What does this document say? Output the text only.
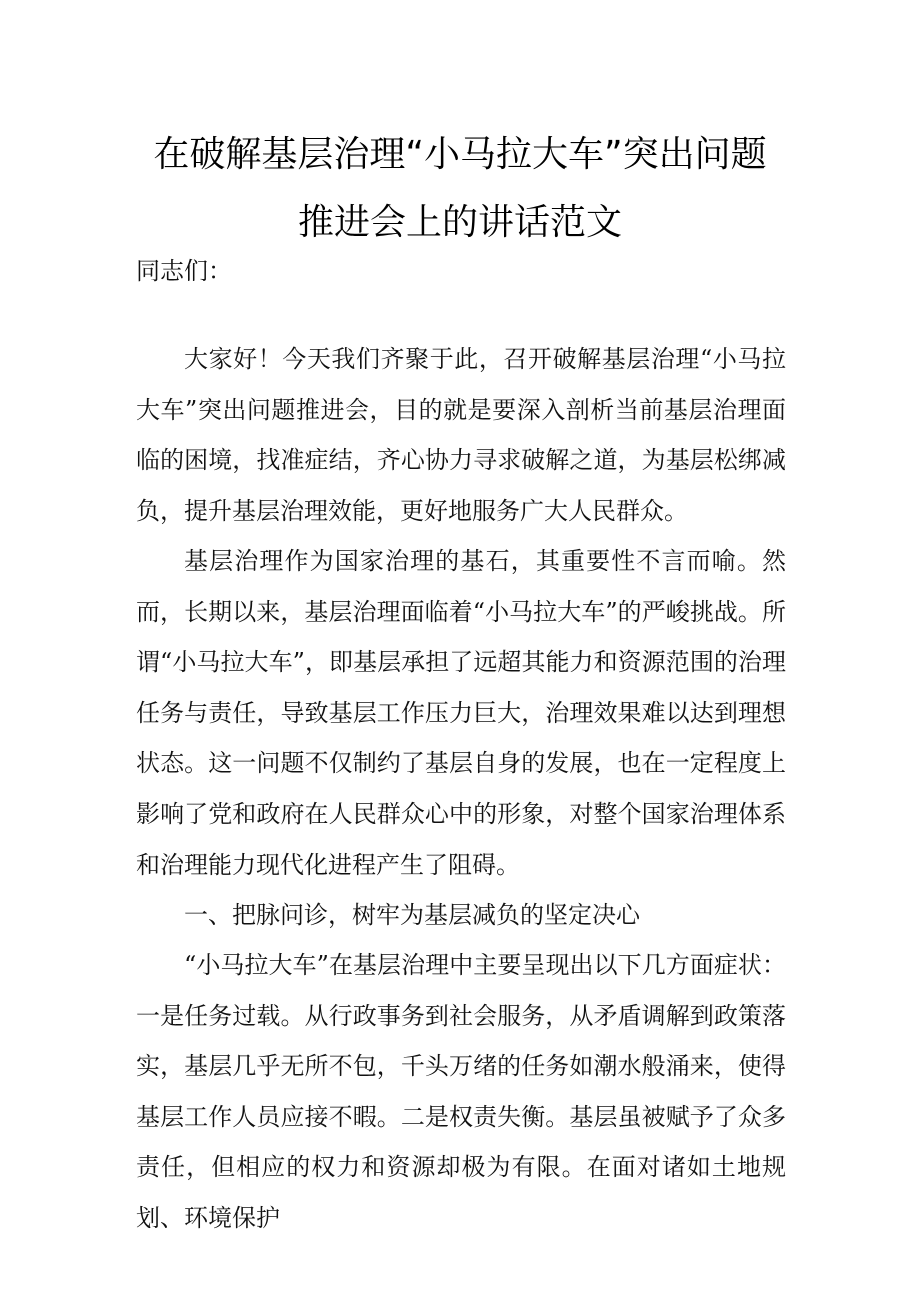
在破解基层治理“小马拉大车”突出问题
推进会上的讲话范文

同志们：

大家好！今天我们齐聚于此，召开破解基层治理“小马拉大车”突出问题推进会，目的就是要深入剖析当前基层治理面临的困境，找准症结，齐心协力寻求破解之道，为基层松绑减负，提升基层治理效能，更好地服务广大人民群众。

基层治理作为国家治理的基石，其重要性不言而喻。然而，长期以来，基层治理面临着“小马拉大车”的严峻挑战。所谓“小马拉大车”，即基层承担了远超其能力和资源范围的治理任务与责任，导致基层工作压力巨大，治理效果难以达到理想状态。这一问题不仅制约了基层自身的发展，也在一定程度上影响了党和政府在人民群众心中的形象，对整个国家治理体系和治理能力现代化进程产生了阻碍。

一、把脉问诊，树牢为基层减负的坚定决心

“小马拉大车”在基层治理中主要呈现出以下几方面症状：一是任务过载。从行政事务到社会服务，从矛盾调解到政策落实，基层几乎无所不包，千头万绪的任务如潮水般涌来，使得基层工作人员应接不暇。二是权责失衡。基层虽被赋予了众多责任，但相应的权力和资源却极为有限。在面对诸如土地规划、环境保护
